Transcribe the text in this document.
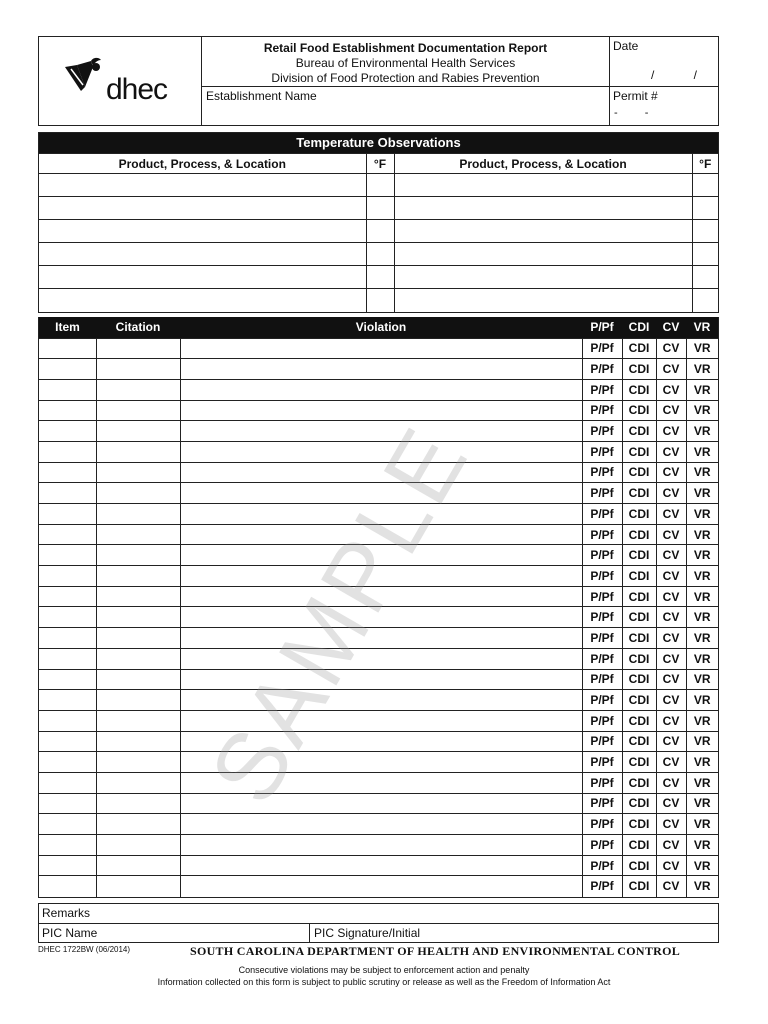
dhec
Retail Food Establishment Documentation Report
Bureau of Environmental Health Services
Division of Food Protection and Rabies Prevention
Date
/ /
Establishment Name	Permit #
- -
Temperature Observations
Product, Process, & Location	°F	Product, Process, & Location	°F

Item	Citation	Violation	P/Pf	CDI	CV	VR
			P/Pf	CDI	CV	VR
			P/Pf	CDI	CV	VR
			P/Pf	CDI	CV	VR
			P/Pf	CDI	CV	VR
			P/Pf	CDI	CV	VR
			P/Pf	CDI	CV	VR
			P/Pf	CDI	CV	VR
			P/Pf	CDI	CV	VR
			P/Pf	CDI	CV	VR
			P/Pf	CDI	CV	VR
			P/Pf	CDI	CV	VR
			P/Pf	CDI	CV	VR
			P/Pf	CDI	CV	VR
			P/Pf	CDI	CV	VR
			P/Pf	CDI	CV	VR
			P/Pf	CDI	CV	VR
			P/Pf	CDI	CV	VR
			P/Pf	CDI	CV	VR
			P/Pf	CDI	CV	VR
			P/Pf	CDI	CV	VR
			P/Pf	CDI	CV	VR
			P/Pf	CDI	CV	VR
			P/Pf	CDI	CV	VR
			P/Pf	CDI	CV	VR
			P/Pf	CDI	CV	VR
			P/Pf	CDI	CV	VR
			P/Pf	CDI	CV	VR
SAMPLE
Remarks
PIC Name	PIC Signature/Initial
DHEC 1722BW (06/2014)	SOUTH CAROLINA DEPARTMENT OF HEALTH AND ENVIRONMENTAL CONTROL
Consecutive violations may be subject to enforcement action and penalty
Information collected on this form is subject to public scrutiny or release as well as the Freedom of Information Act
